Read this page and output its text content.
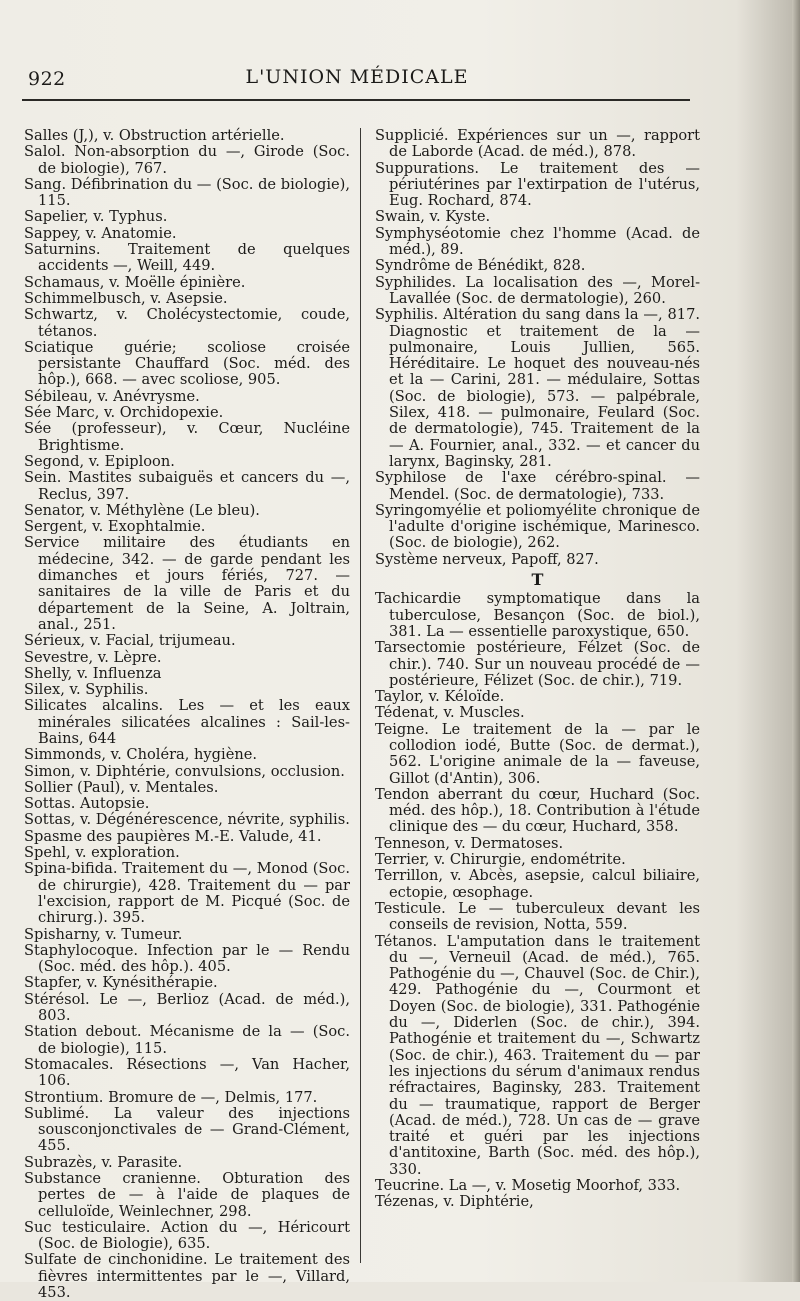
922	L'UNION MÉDICALE

Salles (J,), v. Obstruction artérielle.

Salol. Non-absorption du —, Girode (Soc. de biologie), 767.

Sang. Défibrination du — (Soc. de biologie), 115.

Sapelier, v. Typhus.

Sappey, v. Anatomie.

Saturnins. Traitement de quelques accidents —, Weill, 449.

Schamaus, v. Moëlle épinière.

Schimmelbusch, v. Asepsie.

Schwartz, v. Cholécystectomie, coude, tétanos.

Sciatique guérie; scoliose croisée persistante Chauffard (Soc. méd. des hôp.), 668. — avec scoliose, 905.

Sébileau, v. Anévrysme.

Sée Marc, v. Orchidopexie.

Sée (professeur), v. Cœur, Nucléine Brightisme.

Segond, v. Epiploon.

Sein. Mastites subaiguës et cancers du —, Reclus, 397.

Senator, v. Méthylène (Le bleu).

Sergent, v. Exophtalmie.

Service militaire des étudiants en médecine, 342. — de garde pendant les dimanches et jours fériés, 727. — sanitaires de la ville de Paris et du département de la Seine, A. Joltrain, anal., 251.

Sérieux, v. Facial, trijumeau.

Sevestre, v. Lèpre.

Shelly, v. Influenza

Silex, v. Syphilis.

Silicates alcalins. Les — et les eaux minérales silicatées alcalines : Sail-les-Bains, 644

Simmonds, v. Choléra, hygiène.

Simon, v. Diphtérie, convulsions, occlusion.

Sollier (Paul), v. Mentales.

Sottas. Autopsie.

Sottas, v. Dégénérescence, névrite, syphilis.

Spasme des paupières M.-E. Valude, 41.

Spehl, v. exploration.

Spina-bifida. Traitement du —, Monod (Soc. de chirurgie), 428. Traitement du — par l'excision, rapport de M. Picqué (Soc. de chirurg.). 395.

Spisharny, v. Tumeur.

Staphylocoque. Infection par le — Rendu (Soc. méd. des hôp.). 405.

Stapfer, v. Kynésithérapie.

Stérésol. Le —, Berlioz (Acad. de méd.), 803.

Station debout. Mécanisme de la — (Soc. de biologie), 115.

Stomacales. Résections —, Van Hacher, 106.

Strontium. Bromure de —, Delmis, 177.

Sublimé. La valeur des injections sousconjonctivales de — Grand-Clément, 455.

Subrazès, v. Parasite.

Substance cranienne. Obturation des pertes de — à l'aide de plaques de celluloïde, Weinlechner, 298.

Suc testiculaire. Action du —, Héricourt (Soc. de Biologie), 635.

Sulfate de cinchonidine. Le traitement des fièvres intermittentes par le —, Villard, 453.

Supplicié. Expériences sur un —, rapport de Laborde (Acad. de méd.), 878.

Suppurations. Le traitement des — périutérines par l'extirpation de l'utérus, Eug. Rochard, 874.

Swain, v. Kyste.

Symphyséotomie chez l'homme (Acad. de méd.), 89.

Syndrôme de Bénédikt, 828.

Syphilides. La localisation des —, Morel-Lavallée (Soc. de dermatologie), 260.

Syphilis. Altération du sang dans la —, 817. Diagnostic et traitement de la — pulmonaire, Louis Jullien, 565. Héréditaire. Le hoquet des nouveau-nés et la — Carini, 281. — médulaire, Sottas (Soc. de biologie), 573. — palpébrale, Silex, 418. — pulmonaire, Feulard (Soc. de dermatologie), 745. Traitement de la — A. Fournier, anal., 332. — et cancer du larynx, Baginsky, 281.

Syphilose de l'axe cérébro-spinal. — Mendel. (Soc. de dermatologie), 733.

Syringomyélie et poliomyélite chronique de l'adulte d'origine ischémique, Marinesco. (Soc. de biologie), 262.

Système nerveux, Papoff, 827.

T

Tachicardie symptomatique dans la tuberculose, Besançon (Soc. de biol.), 381. La — essentielle paroxystique, 650.

Tarsectomie postérieure, Félzet (Soc. de chir.). 740. Sur un nouveau procédé de — postérieure, Félizet (Soc. de chir.), 719.

Taylor, v. Kéloïde.

Tédenat, v. Muscles.

Teigne. Le traitement de la — par le collodion iodé, Butte (Soc. de dermat.), 562. L'origine animale de la — faveuse, Gillot (d'Antin), 306.

Tendon aberrant du cœur, Huchard (Soc. méd. des hôp.), 18. Contribution à l'étude clinique des — du cœur, Huchard, 358.

Tenneson, v. Dermatoses.

Terrier, v. Chirurgie, endométrite.

Terrillon, v. Abcès, asepsie, calcul biliaire, ectopie, œsophage.

Testicule. Le — tuberculeux devant les conseils de revision, Notta, 559.

Tétanos. L'amputation dans le traitement du —, Verneuil (Acad. de méd.), 765. Pathogénie du —, Chauvel (Soc. de Chir.), 429. Pathogénie du —, Courmont et Doyen (Soc. de biologie), 331. Pathogénie du —, Diderlen (Soc. de chir.), 394. Pathogénie et traitement du —, Schwartz (Soc. de chir.), 463. Traitement du — par les injections du sérum d'animaux rendus réfractaires, Baginsky, 283. Traitement du — traumatique, rapport de Berger (Acad. de méd.), 728. Un cas de — grave traité et guéri par les injections d'antitoxine, Barth (Soc. méd. des hôp.), 330.

Teucrine. La —, v. Mosetig Moorhof, 333.

Tézenas, v. Diphtérie,
